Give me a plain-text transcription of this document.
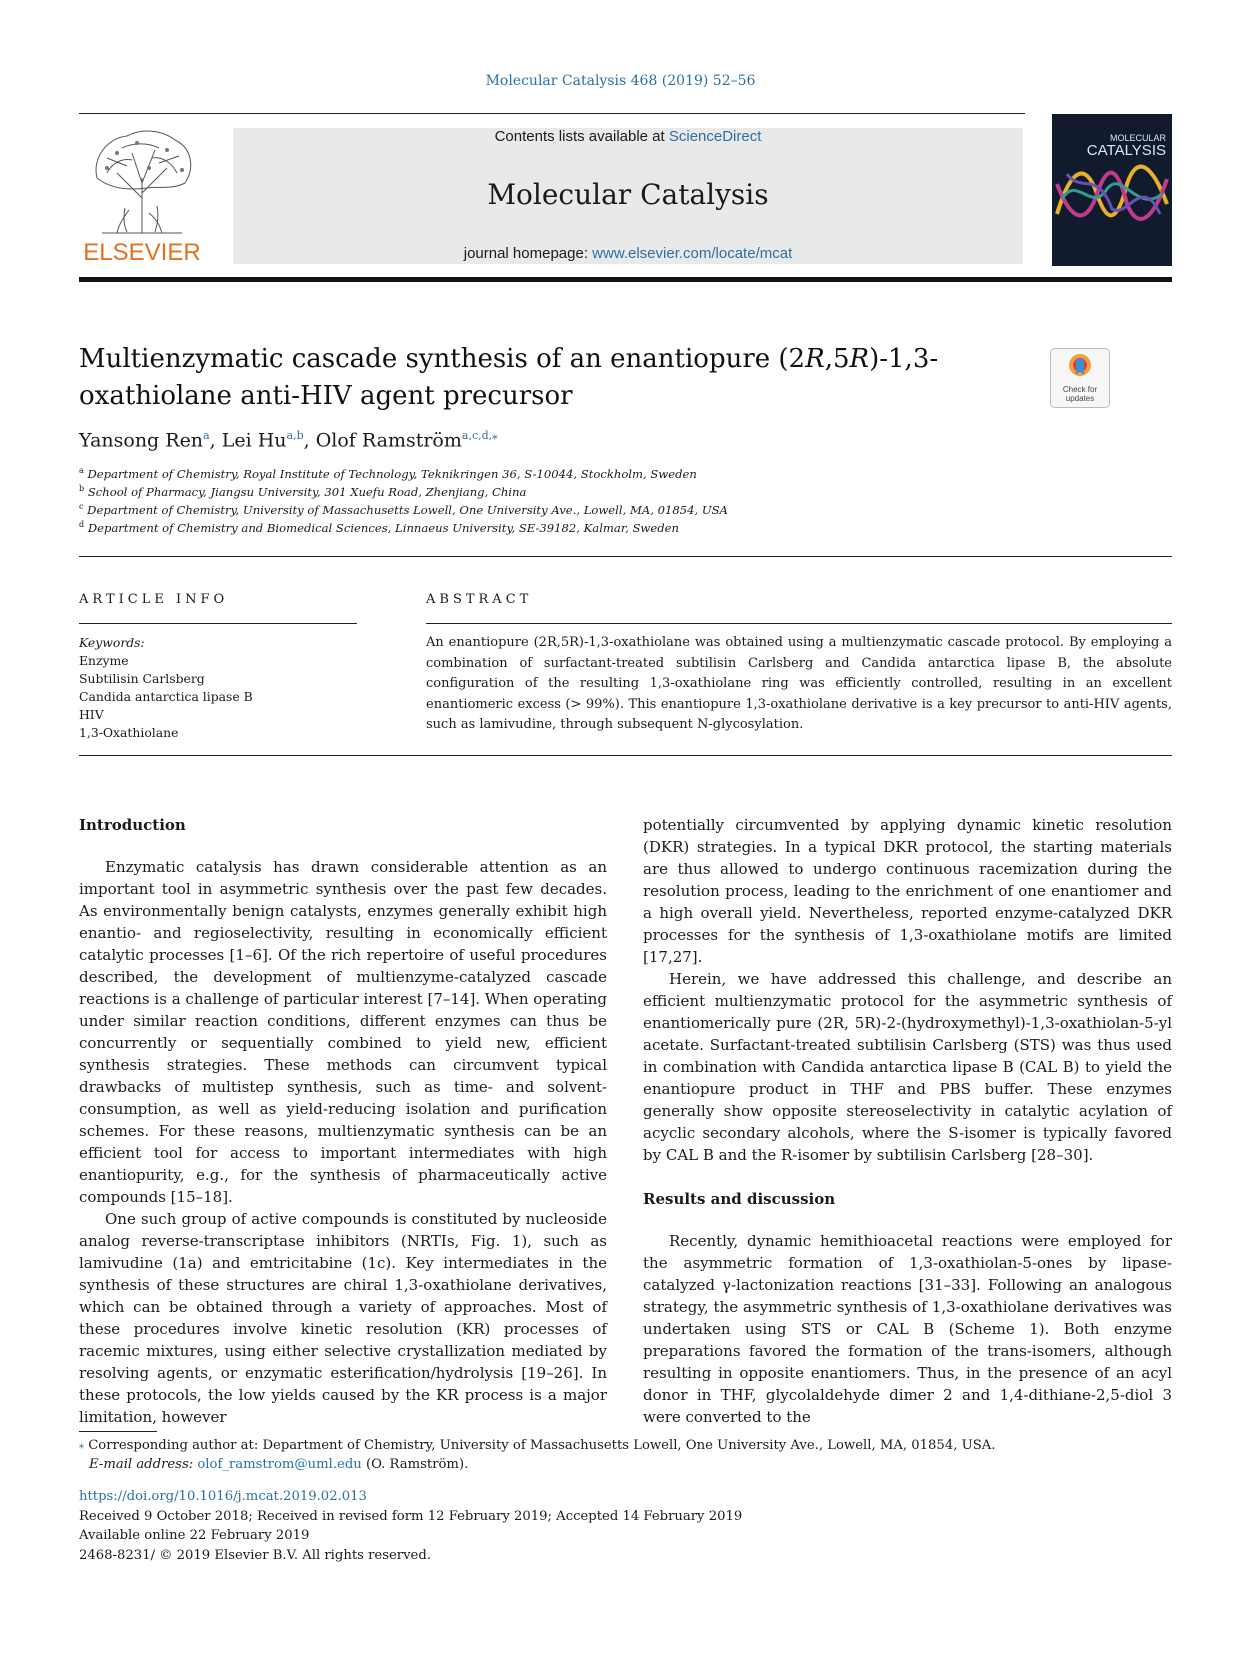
Molecular Catalysis 468 (2019) 52–56
ELSEVIER
Contents lists available at ScienceDirect
Molecular Catalysis
journal homepage: www.elsevier.com/locate/mcat
MOLECULAR
CATALYSIS
Multienzymatic cascade synthesis of an enantiopure (2R,5R)-1,3-
oxathiolane anti-HIV agent precursor	Check for updates
Yansong Ren$^a$, Lei Hu$^{a,b}$, Olof Ramström$^{a,c,d,⁎}$
$^a$ Department of Chemistry, Royal Institute of Technology, Teknikringen 36, S-10044, Stockholm, Sweden
$^b$ School of Pharmacy, Jiangsu University, 301 Xuefu Road, Zhenjiang, China
$^c$ Department of Chemistry, University of Massachusetts Lowell, One University Ave., Lowell, MA, 01854, USA
$^d$ Department of Chemistry and Biomedical Sciences, Linnaeus University, SE-39182, Kalmar, Sweden
ARTICLE INFO
Keywords:
Enzyme
Subtilisin Carlsberg
Candida antarctica lipase B
HIV
1,3-Oxathiolane
ABSTRACT
An enantiopure (2R,5R)-1,3-oxathiolane was obtained using a multienzymatic cascade protocol. By employing a combination of surfactant-treated subtilisin Carlsberg and Candida antarctica lipase B, the absolute configuration of the resulting 1,3-oxathiolane ring was efficiently controlled, resulting in an excellent enantiomeric excess (> 99%). This enantiopure 1,3-oxathiolane derivative is a key precursor to anti-HIV agents, such as lamivudine, through subsequent N-glycosylation.

Introduction

Enzymatic catalysis has drawn considerable attention as an important tool in asymmetric synthesis over the past few decades. As environmentally benign catalysts, enzymes generally exhibit high enantio- and regioselectivity, resulting in economically efficient catalytic processes [1–6]. Of the rich repertoire of useful procedures described, the development of multienzyme-catalyzed cascade reactions is a challenge of particular interest [7–14]. When operating under similar reaction conditions, different enzymes can thus be concurrently or sequentially combined to yield new, efficient synthesis strategies. These methods can circumvent typical drawbacks of multistep synthesis, such as time- and solvent-consumption, as well as yield-reducing isolation and purification schemes. For these reasons, multienzymatic synthesis can be an efficient tool for access to important intermediates with high enantiopurity, e.g., for the synthesis of pharmaceutically active compounds [15–18].

One such group of active compounds is constituted by nucleoside analog reverse-transcriptase inhibitors (NRTIs, Fig. 1), such as lamivudine (1a) and emtricitabine (1c). Key intermediates in the synthesis of these structures are chiral 1,3-oxathiolane derivatives, which can be obtained through a variety of approaches. Most of these procedures involve kinetic resolution (KR) processes of racemic mixtures, using either selective crystallization mediated by resolving agents, or enzymatic esterification/hydrolysis [19–26]. In these protocols, the low yields caused by the KR process is a major limitation, however

potentially circumvented by applying dynamic kinetic resolution (DKR) strategies. In a typical DKR protocol, the starting materials are thus allowed to undergo continuous racemization during the resolution process, leading to the enrichment of one enantiomer and a high overall yield. Nevertheless, reported enzyme-catalyzed DKR processes for the synthesis of 1,3-oxathiolane motifs are limited [17,27].

Herein, we have addressed this challenge, and describe an efficient multienzymatic protocol for the asymmetric synthesis of enantiomerically pure (2R, 5R)-2-(hydroxymethyl)-1,3-oxathiolan-5-yl acetate. Surfactant-treated subtilisin Carlsberg (STS) was thus used in combination with Candida antarctica lipase B (CAL B) to yield the enantiopure product in THF and PBS buffer. These enzymes generally show opposite stereoselectivity in catalytic acylation of acyclic secondary alcohols, where the S-isomer is typically favored by CAL B and the R-isomer by subtilisin Carlsberg [28–30].

Results and discussion

Recently, dynamic hemithioacetal reactions were employed for the asymmetric formation of 1,3-oxathiolan-5-ones by lipase-catalyzed γ-lactonization reactions [31–33]. Following an analogous strategy, the asymmetric synthesis of 1,3-oxathiolane derivatives was undertaken using STS or CAL B (Scheme 1). Both enzyme preparations favored the formation of the trans-isomers, although resulting in opposite enantiomers. Thus, in the presence of an acyl donor in THF, glycolaldehyde dimer 2 and 1,4-dithiane-2,5-diol 3 were converted to the

⁎ Corresponding author at: Department of Chemistry, University of Massachusetts Lowell, One University Ave., Lowell, MA, 01854, USA.
E-mail address: olof_ramstrom@uml.edu (O. Ramström).
https://doi.org/10.1016/j.mcat.2019.02.013
Received 9 October 2018; Received in revised form 12 February 2019; Accepted 14 February 2019
Available online 22 February 2019
2468-8231/ © 2019 Elsevier B.V. All rights reserved.
